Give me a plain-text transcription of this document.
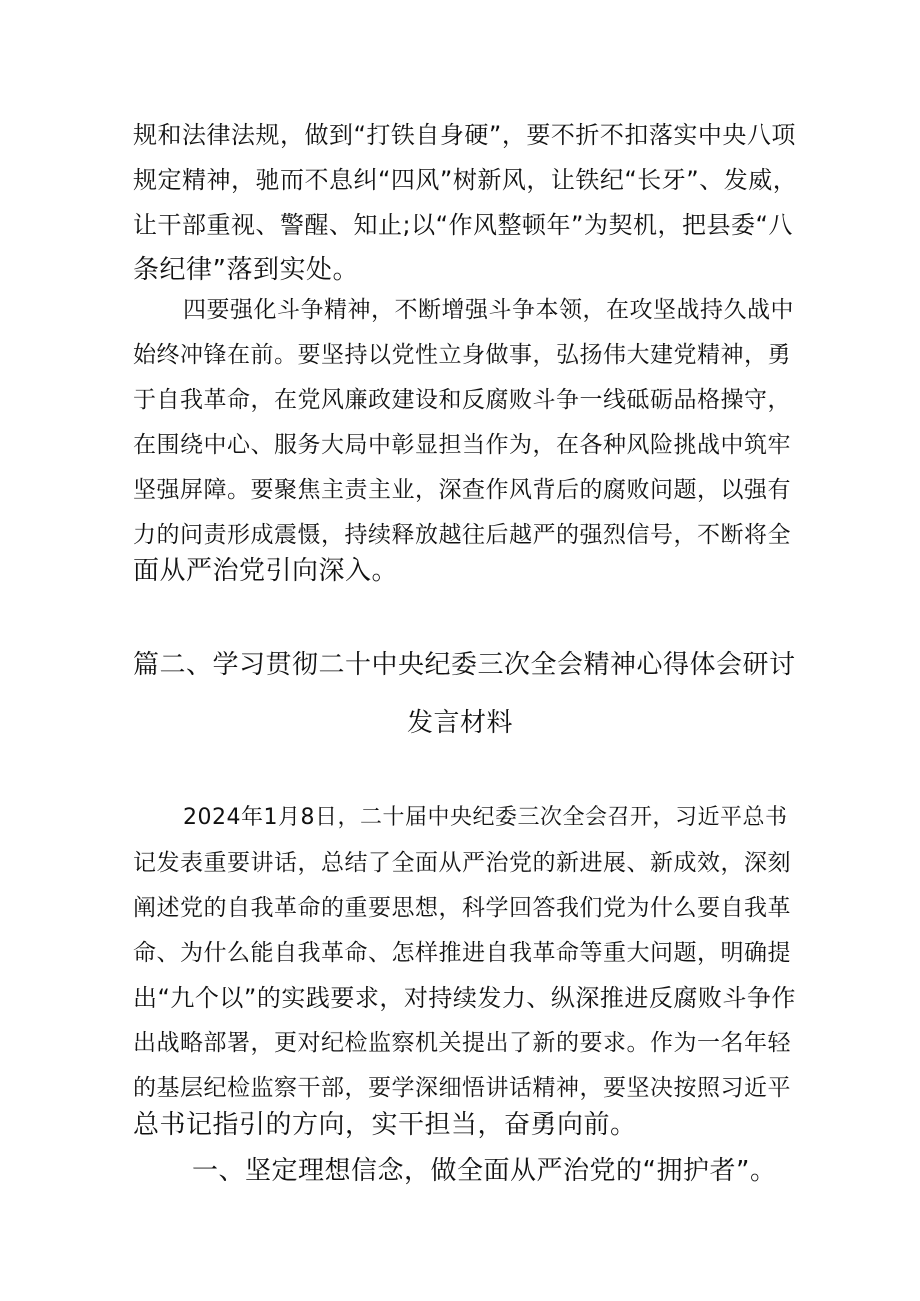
规和法律法规，做到“打铁自身硬”，要不折不扣落实中央八项
规定精神，驰而不息纠“四风”树新风，让铁纪“长牙”、发威，
让干部重视、警醒、知止;以“作风整顿年”为契机，把县委“八
条纪律”落到实处。
四要强化斗争精神，不断增强斗争本领，在攻坚战持久战中
始终冲锋在前。要坚持以党性立身做事，弘扬伟大建党精神，勇
于自我革命，在党风廉政建设和反腐败斗争一线砥砺品格操守，
在围绕中心、服务大局中彰显担当作为，在各种风险挑战中筑牢
坚强屏障。要聚焦主责主业，深查作风背后的腐败问题，以强有
力的问责形成震慑，持续释放越往后越严的强烈信号，不断将全
面从严治党引向深入。
篇二、学习贯彻二十中央纪委三次全会精神心得体会研讨
发言材料
2024年1月8日，二十届中央纪委三次全会召开，习近平总书
记发表重要讲话，总结了全面从严治党的新进展、新成效，深刻
阐述党的自我革命的重要思想，科学回答我们党为什么要自我革
命、为什么能自我革命、怎样推进自我革命等重大问题，明确提
出“九个以”的实践要求，对持续发力、纵深推进反腐败斗争作
出战略部署，更对纪检监察机关提出了新的要求。作为一名年轻
的基层纪检监察干部，要学深细悟讲话精神，要坚决按照习近平
总书记指引的方向，实干担当，奋勇向前。
一、坚定理想信念，做全面从严治党的“拥护者”。
